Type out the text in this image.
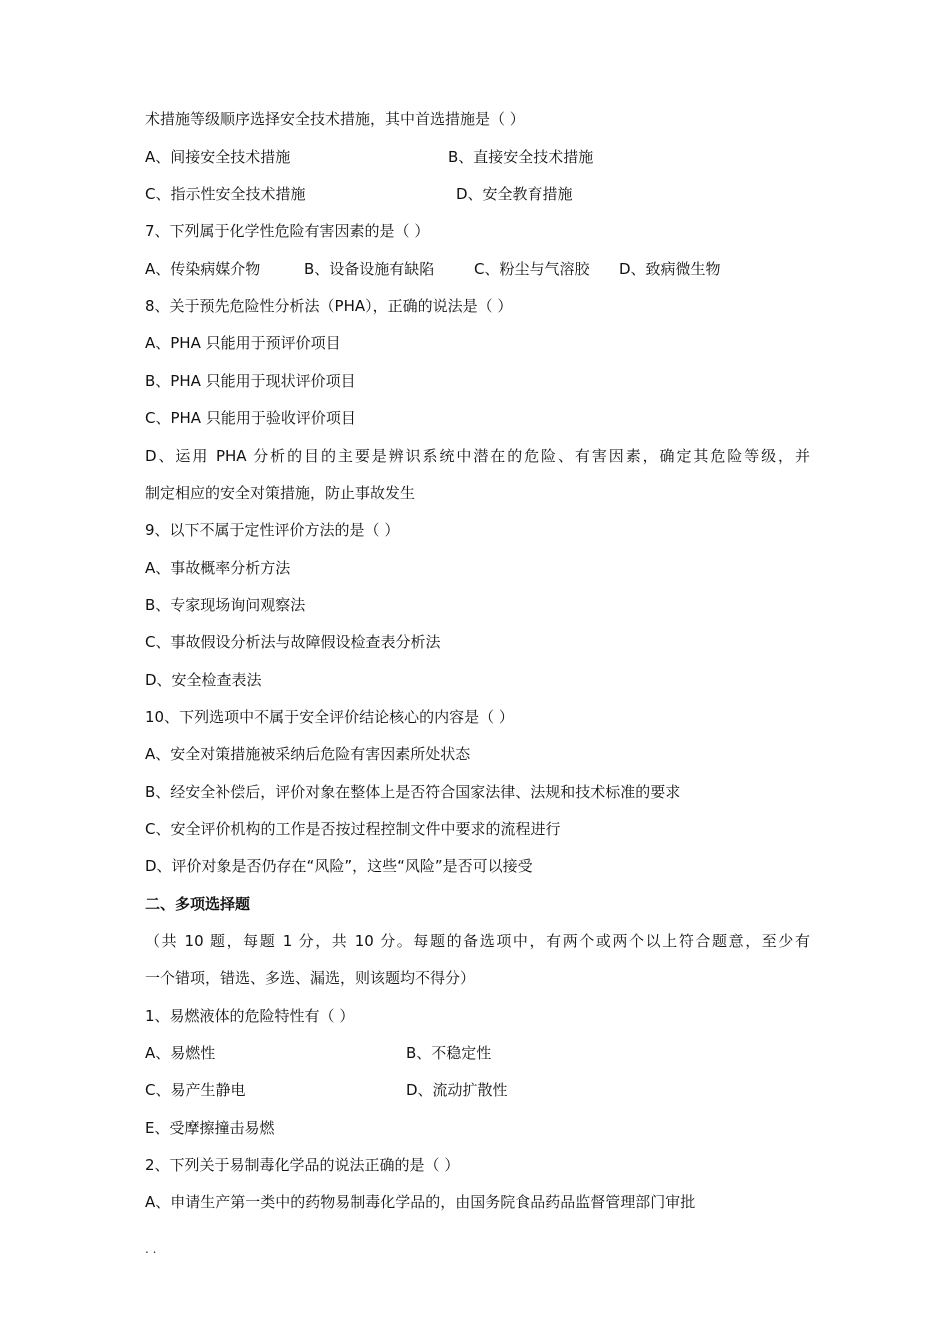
术措施等级顺序选择安全技术措施，其中首选措施是（ ）
A、间接安全技术措施	B、直接安全技术措施
C、指示性安全技术措施	D、安全教育措施
7、下列属于化学性危险有害因素的是（ ）
A、传染病媒介物	B、设备设施有缺陷	C、粉尘与气溶胶 D、致病微生物
8、关于预先危险性分析法（PHA），正确的说法是（ ）
A、PHA 只能用于预评价项目
B、PHA 只能用于现状评价项目
C、PHA 只能用于验收评价项目
D、运用 PHA 分析的目的主要是辨识系统中潜在的危险、有害因素，确定其危险等级，并
制定相应的安全对策措施，防止事故发生
9、以下不属于定性评价方法的是（ ）
A、事故概率分析方法
B、专家现场询问观察法
C、事故假设分析法与故障假设检查表分析法
D、安全检查表法
10、下列选项中不属于安全评价结论核心的内容是（ ）
A、安全对策措施被采纳后危险有害因素所处状态
B、经安全补偿后，评价对象在整体上是否符合国家法律、法规和技术标准的要求
C、安全评价机构的工作是否按过程控制文件中要求的流程进行
D、评价对象是否仍存在“风险”，这些“风险”是否可以接受
二、多项选择题
（共 10 题，每题 1 分，共 10 分。每题的备选项中，有两个或两个以上符合题意，至少有
一个错项，错选、多选、漏选，则该题均不得分）
1、易燃液体的危险特性有（ ）
A、易燃性	B、不稳定性
C、易产生静电	D、流动扩散性
E、受摩擦撞击易燃
2、下列关于易制毒化学品的说法正确的是（ ）
A、申请生产第一类中的药物易制毒化学品的，由国务院食品药品监督管理部门审批
. .
